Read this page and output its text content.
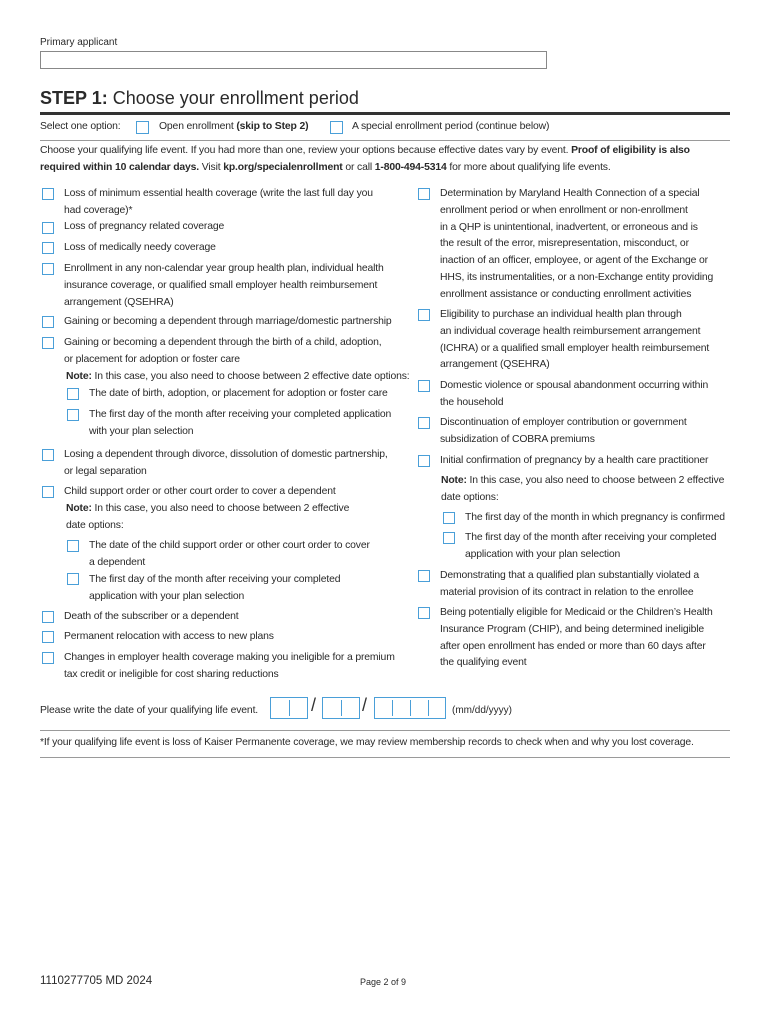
Primary applicant
STEP 1: Choose your enrollment period
Select one option:	Open enrollment (skip to Step 2)	A special enrollment period (continue below)
Choose your qualifying life event. If you had more than one, review your options because effective dates vary by event. Proof of eligibility is also
required within 10 calendar days. Visit kp.org/specialenrollment or call 1-800-494-5314 for more about qualifying life events.
Loss of minimum essential health coverage (write the last full day you
had coverage)*
Loss of pregnancy related coverage
Loss of medically needy coverage
Enrollment in any non-calendar year group health plan, individual health
insurance coverage, or qualified small employer health reimbursement
arrangement (QSEHRA)
Gaining or becoming a dependent through marriage/domestic partnership
Gaining or becoming a dependent through the birth of a child, adoption,
or placement for adoption or foster care
Note: In this case, you also need to choose between 2 effective date options:
The date of birth, adoption, or placement for adoption or foster care
The first day of the month after receiving your completed application
with your plan selection
Losing a dependent through divorce, dissolution of domestic partnership,
or legal separation
Child support order or other court order to cover a dependent
Note: In this case, you also need to choose between 2 effective
date options:
The date of the child support order or other court order to cover
a dependent
The first day of the month after receiving your completed
application with your plan selection
Death of the subscriber or a dependent
Permanent relocation with access to new plans
Changes in employer health coverage making you ineligible for a premium
tax credit or ineligible for cost sharing reductions
Determination by Maryland Health Connection of a special
enrollment period or when enrollment or non-enrollment
in a QHP is unintentional, inadvertent, or erroneous and is
the result of the error, misrepresentation, misconduct, or
inaction of an officer, employee, or agent of the Exchange or
HHS, its instrumentalities, or a non-Exchange entity providing
enrollment assistance or conducting enrollment activities
Eligibility to purchase an individual health plan through
an individual coverage health reimbursement arrangement
(ICHRA) or a qualified small employer health reimbursement
arrangement (QSEHRA)
Domestic violence or spousal abandonment occurring within
the household
Discontinuation of employer contribution or government
subsidization of COBRA premiums
Initial confirmation of pregnancy by a health care practitioner
Note: In this case, you also need to choose between 2 effective
date options:
The first day of the month in which pregnancy is confirmed
The first day of the month after receiving your completed
application with your plan selection
Demonstrating that a qualified plan substantially violated a
material provision of its contract in relation to the enrollee
Being potentially eligible for Medicaid or the Children’s Health
Insurance Program (CHIP), and being determined ineligible
after open enrollment has ended or more than 60 days after
the qualifying event
Please write the date of your qualifying life event.	/	/	(mm/dd/yyyy)
*If your qualifying life event is loss of Kaiser Permanente coverage, we may review membership records to check when and why you lost coverage.
1110277705 MD 2024	Page 2 of 9
